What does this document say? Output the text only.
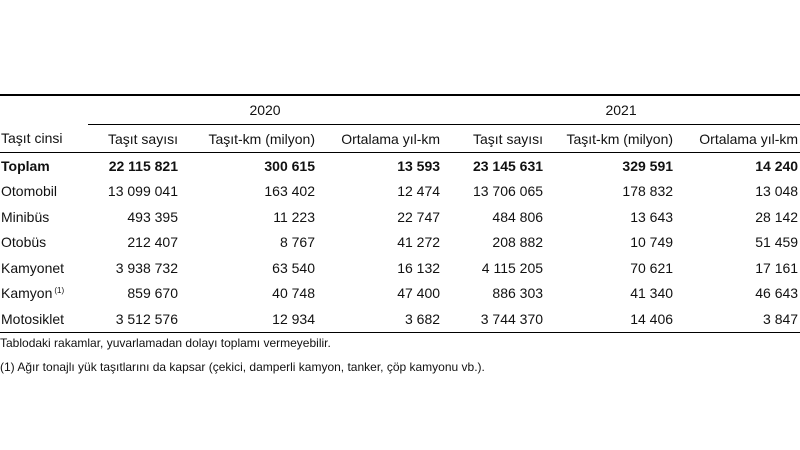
	2020			2021		
Taşıt cinsi	Taşıt sayısı	Taşıt-km (milyon)	Ortalama yıl-km	Taşıt sayısı	Taşıt-km (milyon)	Ortalama yıl-km
Toplam	22 115 821	300 615	13 593	23 145 631	329 591	14 240
Otomobil	13 099 041	163 402	12 474	13 706 065	178 832	13 048
Minibüs	493 395	11 223	22 747	484 806	13 643	28 142
Otobüs	212 407	8 767	41 272	208 882	10 749	51 459
Kamyonet	3 938 732	63 540	16 132	4 115 205	70 621	17 161
Kamyon $^{(1)}$	859 670	40 748	47 400	886 303	41 340	46 643
Motosiklet	3 512 576	12 934	3 682	3 744 370	14 406	3 847
Tablodaki rakamlar, yuvarlamadan dolayı toplamı vermeyebilir.
(1) Ağır tonajlı yük taşıtlarını da kapsar (çekici, damperli kamyon, tanker, çöp kamyonu vb.).
